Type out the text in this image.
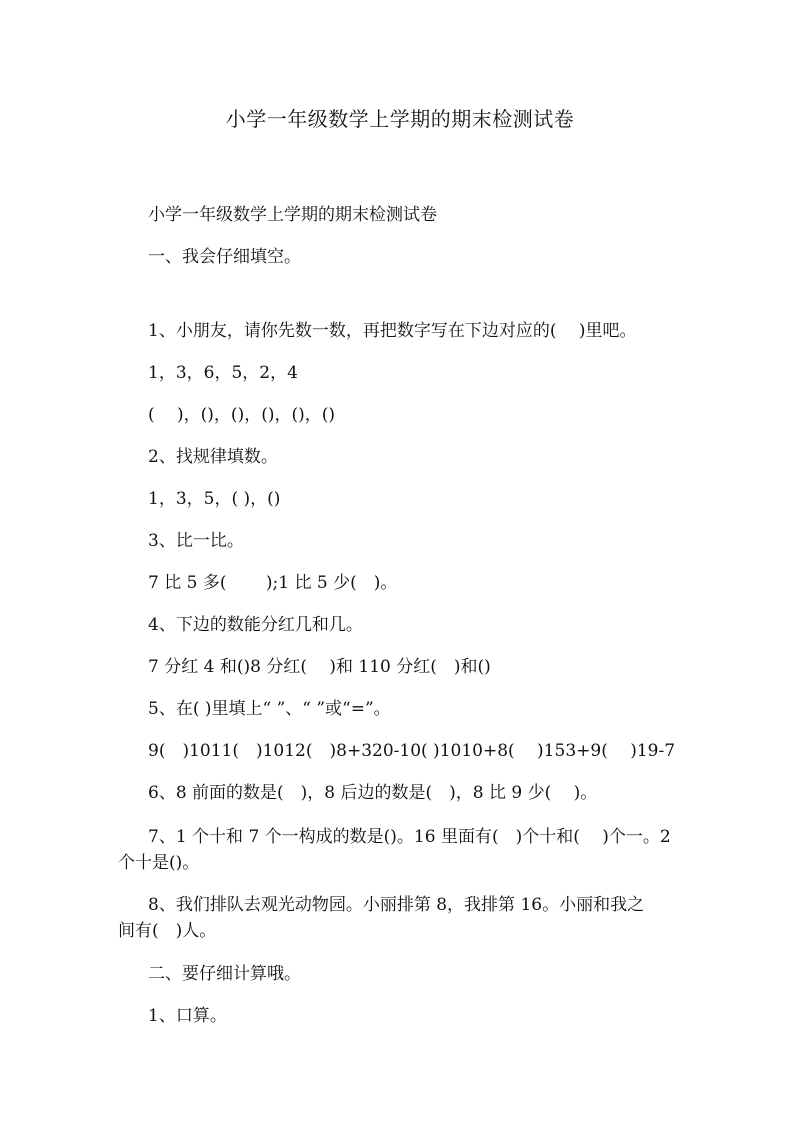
小学一年级数学上学期的期末检测试卷
小学一年级数学上学期的期末检测试卷
一、我会仔细填空。
1、小朋友，请你先数一数，再把数字写在下边对应的(　 )里吧。
1，3，6，5，2，4
(　 )，()，()，()，()，()
2、找规律填数。
1，3，5，( )，()
3、比一比。
7 比 5 多(　　 );1 比 5 少(　)。
4、下边的数能分红几和几。
7 分红 4 和()8 分红(　 )和 110 分红(　)和()
5、在( )里填上“ ”、“ ”或“=”。
9(　)1011(　)1012(　)8+320-10( )1010+8(　 )153+9(　 )19-7
6、8 前面的数是(　)，8 后边的数是(　)，8 比 9 少(　 )。
7、1 个十和 7 个一构成的数是()。16 里面有(　)个十和(　 )个一。2
个十是()。
8、我们排队去观光动物园。小丽排第 8，我排第 16。小丽和我之
间有(　)人。
二、要仔细计算哦。
1、口算。
